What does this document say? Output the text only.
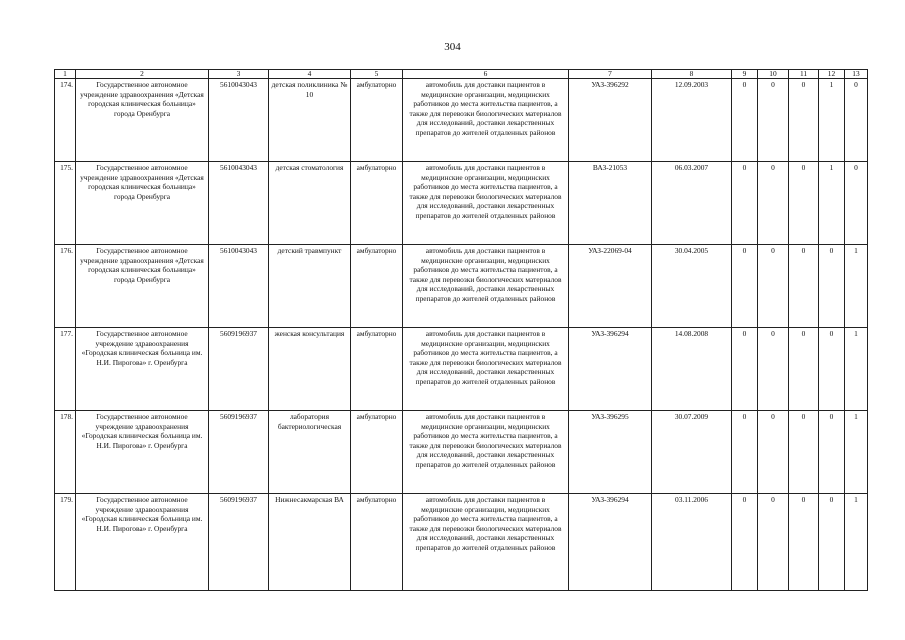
304
1	2	3	4	5	6	7	8	9	10	11	12	13
174.	Государственное автономное учреждение здравоохранения «Детская городская клиническая больница» города Оренбурга	5610043043	детская поликлиника № 10	амбулаторно	автомобиль для доставки пациентов в медицинские организации, медицинских работников до места жительства пациентов, а также для перевозки биологических материалов для исследований, доставки лекарственных препаратов до жителей отдаленных районов	УАЗ-396292	12.09.2003	0	0	0	1	0
175.	Государственное автономное учреждение здравоохранения «Детская городская клиническая больница» города Оренбурга	5610043043	детская стоматология	амбулаторно	автомобиль для доставки пациентов в медицинские организации, медицинских работников до места жительства пациентов, а также для перевозки биологических материалов для исследований, доставки лекарственных препаратов до жителей отдаленных районов	ВАЗ-21053	06.03.2007	0	0	0	1	0
176.	Государственное автономное учреждение здравоохранения «Детская городская клиническая больница» города Оренбурга	5610043043	детский травмпункт	амбулаторно	автомобиль для доставки пациентов в медицинские организации, медицинских работников до места жительства пациентов, а также для перевозки биологических материалов для исследований, доставки лекарственных препаратов до жителей отдаленных районов	УАЗ-22069-04	30.04.2005	0	0	0	0	1
177.	Государственное автономное учреждение здравоохранения «Городская клиническая больница им. Н.И. Пирогова» г. Оренбурга	5609196937	женская консультация	амбулаторно	автомобиль для доставки пациентов в медицинские организации, медицинских работников до места жительства пациентов, а также для перевозки биологических материалов для исследований, доставки лекарственных препаратов до жителей отдаленных районов	УАЗ-396294	14.08.2008	0	0	0	0	1
178.	Государственное автономное учреждение здравоохранения «Городская клиническая больница им. Н.И. Пирогова» г. Оренбурга	5609196937	лаборатория бактериологическая	амбулаторно	автомобиль для доставки пациентов в медицинские организации, медицинских работников до места жительства пациентов, а также для перевозки биологических материалов для исследований, доставки лекарственных препаратов до жителей отдаленных районов	УАЗ-396295	30.07.2009	0	0	0	0	1
179.	Государственное автономное учреждение здравоохранения «Городская клиническая больница им. Н.И. Пирогова» г. Оренбурга	5609196937	Нижнесакмарская ВА	амбулаторно	автомобиль для доставки пациентов в медицинские организации, медицинских работников до места жительства пациентов, а также для перевозки биологических материалов для исследований, доставки лекарственных препаратов до жителей отдаленных районов	УАЗ-396294	03.11.2006	0	0	0	0	1
